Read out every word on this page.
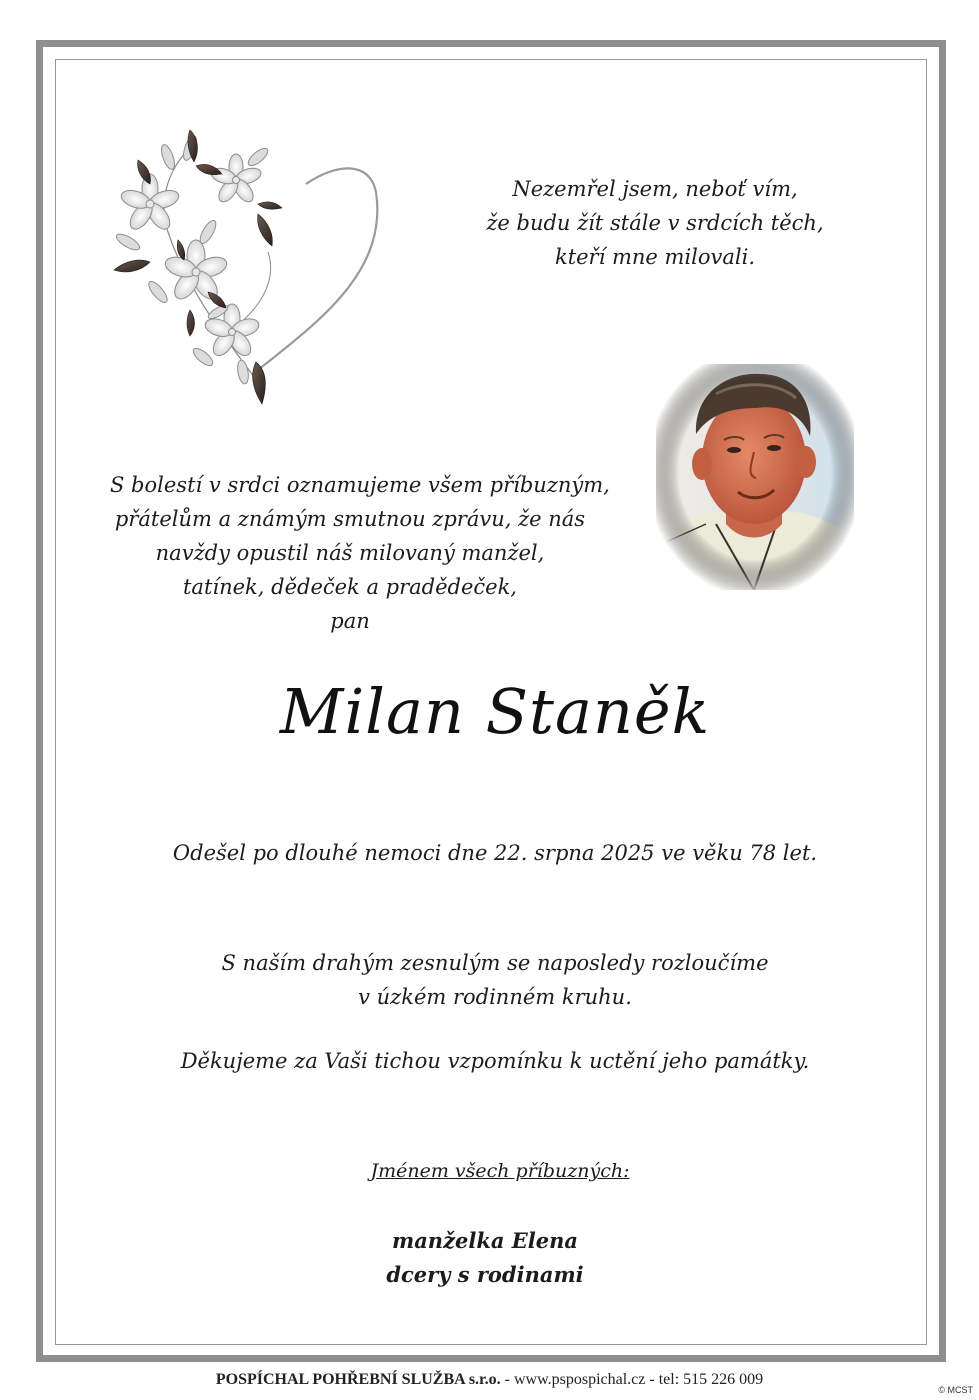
Nezemřel jsem, neboť vím,
že budu žít stále v srdcích těch,
kteří mne milovali.
S bolestí v srdci oznamujeme všem příbuzným,
přátelům a známým smutnou zprávu, že nás
navždy opustil náš milovaný manžel,
tatínek, dědeček a pradědeček,
pan
Milan Staněk
Odešel po dlouhé nemoci dne 22. srpna 2025 ve věku 78 let.
S naším drahým zesnulým se naposledy rozloučíme
v úzkém rodinném kruhu.
Děkujeme za Vaši tichou vzpomínku k uctění jeho památky.
Jménem všech příbuzných:
manželka Elena
dcery s rodinami
POSPÍCHAL POHŘEBNÍ SLUŽBA s.r.o. - www.pspospichal.cz - tel: 515 226 009
© MCST
